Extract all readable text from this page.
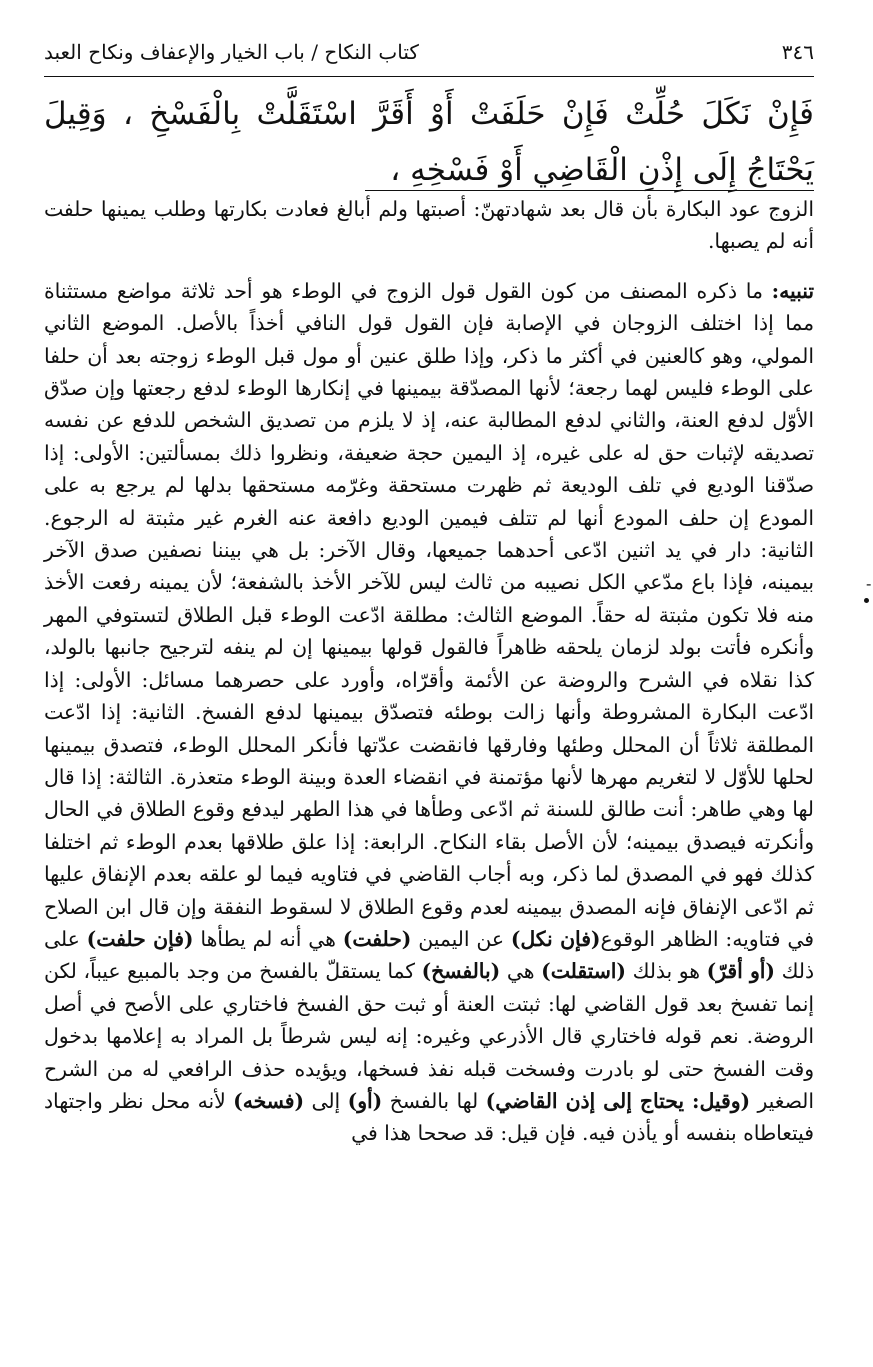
٣٤٦
كتاب النكاح / باب الخيار والإعفاف ونكاح العبد
فَإِنْ نَكَلَ حُلِّتْ فَإِنْ حَلَفَتْ أَوْ أَقَرَّ اسْتَقَلَّتْ بِالْفَسْخِ ، وَقِيلَ يَحْتَاجُ إِلَى إِذْنِ الْقَاضِي أَوْ فَسْخِهِ ،

الزوج عود البكارة بأن قال بعد شهادتهنّ: أصبتها ولم أبالغ فعادت بكارتها وطلب يمينها حلفت أنه لم يصبها.

تنبيه: ما ذكره المصنف من كون القول قول الزوج في الوطء هو أحد ثلاثة مواضع مستثناة مما إذا اختلف الزوجان في الإصابة فإن القول قول النافي أخذاً بالأصل. الموضع الثاني المولي، وهو كالعنين في أكثر ما ذكر، وإذا طلق عنين أو مول قبل الوطء زوجته بعد أن حلفا على الوطء فليس لهما رجعة؛ لأنها المصدّقة بيمينها في إنكارها الوطء لدفع رجعتها وإن صدّق الأوّل لدفع العنة، والثاني لدفع المطالبة عنه، إذ لا يلزم من تصديق الشخص للدفع عن نفسه تصديقه لإثبات حق له على غيره، إذ اليمين حجة ضعيفة، ونظروا ذلك بمسألتين: الأولى: إذا صدّقنا الوديع في تلف الوديعة ثم ظهرت مستحقة وغرّمه مستحقها بدلها لم يرجع به على المودع إن حلف المودع أنها لم تتلف فيمين الوديع دافعة عنه الغرم غير مثبتة له الرجوع. الثانية: دار في يد اثنين ادّعى أحدهما جميعها، وقال الآخر: بل هي بيننا نصفين صدق الآخر بيمينه، فإذا باع مدّعي الكل نصيبه من ثالث ليس للآخر الأخذ بالشفعة؛ لأن يمينه رفعت الأخذ منه فلا تكون مثبتة له حقاً. الموضع الثالث: مطلقة ادّعت الوطء قبل الطلاق لتستوفي المهر وأنكره فأتت بولد لزمان يلحقه ظاهراً فالقول قولها بيمينها إن لم ينفه لترجيح جانبها بالولد، كذا نقلاه في الشرح والروضة عن الأئمة وأقرّاه، وأورد على حصرهما مسائل: الأولى: إذا ادّعت البكارة المشروطة وأنها زالت بوطئه فتصدّق بيمينها لدفع الفسخ. الثانية: إذا ادّعت المطلقة ثلاثاً أن المحلل وطئها وفارقها فانقضت عدّتها فأنكر المحلل الوطء، فتصدق بيمينها لحلها للأوّل لا لتغريم مهرها لأنها مؤتمنة في انقضاء العدة وبينة الوطء متعذرة. الثالثة: إذا قال لها وهي طاهر: أنت طالق للسنة ثم ادّعى وطأها في هذا الطهر ليدفع وقوع الطلاق في الحال وأنكرته فيصدق بيمينه؛ لأن الأصل بقاء النكاح. الرابعة: إذا علق طلاقها بعدم الوطء ثم اختلفا كذلك فهو في المصدق لما ذكر، وبه أجاب القاضي في فتاويه فيما لو علقه بعدم الإنفاق عليها ثم ادّعى الإنفاق فإنه المصدق بيمينه لعدم وقوع الطلاق لا لسقوط النفقة وإن قال ابن الصلاح في فتاويه: الظاهر الوقوع(فإن نكل) عن اليمين (حلفت) هي أنه لم يطأها (فإن حلفت) على ذلك (أو أقرّ) هو بذلك (استقلت) هي (بالفسخ) كما يستقلّ بالفسخ من وجد بالمبيع عيباً، لكن إنما تفسخ بعد قول القاضي لها: ثبتت العنة أو ثبت حق الفسخ فاختاري على الأصح في أصل الروضة. نعم قوله فاختاري قال الأذرعي وغيره: إنه ليس شرطاً بل المراد به إعلامها بدخول وقت الفسخ حتى لو بادرت وفسخت قبله نفذ فسخها، ويؤيده حذف الرافعي له من الشرح الصغير (وقيل: يحتاج إلى إذن القاضي) لها بالفسخ (أو) إلى (فسخه) لأنه محل نظر واجتهاد فيتعاطاه بنفسه أو يأذن فيه. فإن قيل: قد صححا هذا في

‑
